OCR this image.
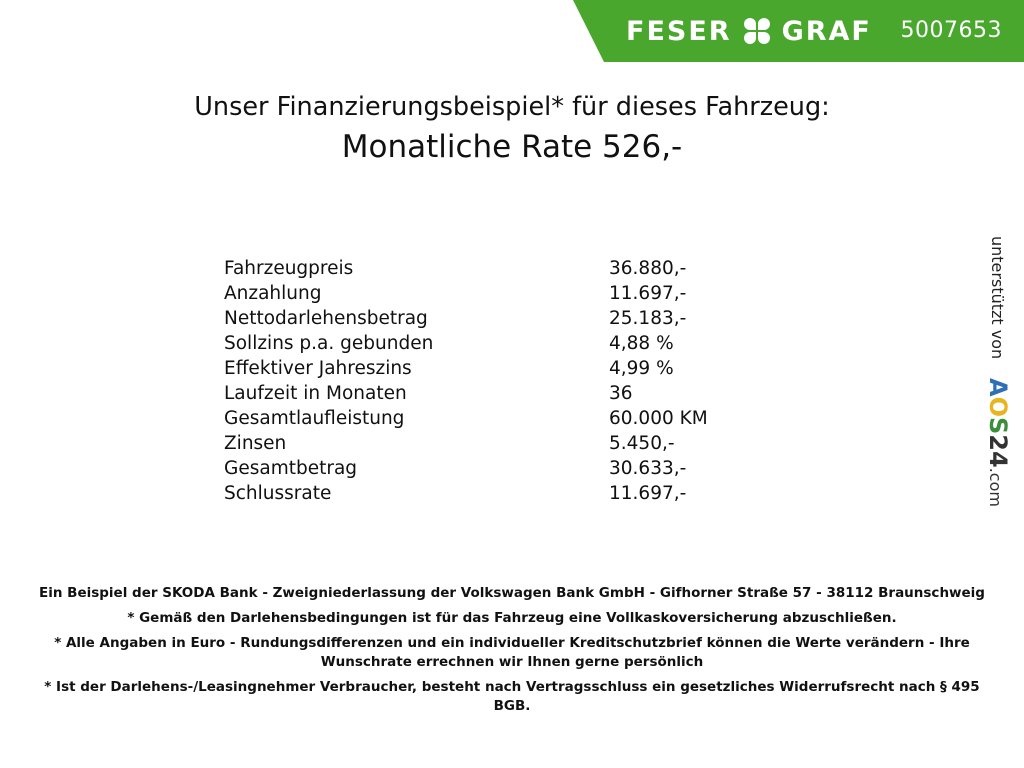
FESER GRAF 5007653
Unser Finanzierungsbeispiel* für dieses Fahrzeug:
Monatliche Rate 526,-
Fahrzeugpreis	36.880,-
Anzahlung	11.697,-
Nettodarlehensbetrag	25.183,-
Sollzins p.a. gebunden	4,88 %
Effektiver Jahreszins	4,99 %
Laufzeit in Monaten	36
Gesamtlaufleistung	60.000 KM
Zinsen	5.450,-
Gesamtbetrag	30.633,-
Schlussrate	11.697,-
unterstützt von
AOS24.com

Ein Beispiel der SKODA Bank - Zweigniederlassung der Volkswagen Bank GmbH - Gifhorner Straße 57 - 38112 Braunschweig

* Gemäß den Darlehensbedingungen ist für das Fahrzeug eine Vollkaskoversicherung abzuschließen.

* Alle Angaben in Euro - Rundungsdifferenzen und ein individueller Kreditschutzbrief können die Werte verändern - Ihre Wunschrate errechnen wir Ihnen gerne persönlich

* Ist der Darlehens-/Leasingnehmer Verbraucher, besteht nach Vertragsschluss ein gesetzliches Widerrufsrecht nach § 495 BGB.
